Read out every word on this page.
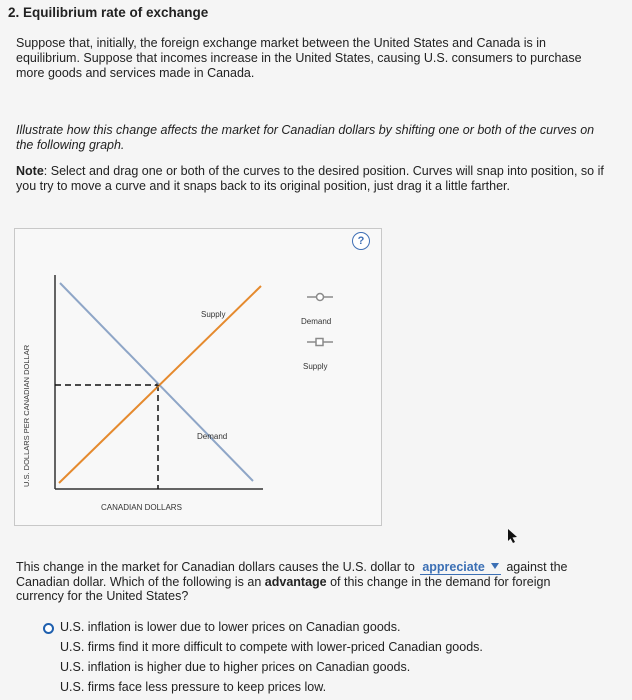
2. Equilibrium rate of exchange
Suppose that, initially, the foreign exchange market between the United States and Canada is in equilibrium. Suppose that incomes increase in the United States, causing U.S. consumers to purchase more goods and services made in Canada.
Illustrate how this change affects the market for Canadian dollars by shifting one or both of the curves on the following graph.
Note: Select and drag one or both of the curves to the desired position. Curves will snap into position, so if you try to move a curve and it snaps back to its original position, just drag it a little farther.
+
Supply
Demand
U.S. DOLLARS PER CANADIAN DOLLAR
CANADIAN DOLLARS
Demand
Supply
?
This change in the market for Canadian dollars causes the U.S. dollar to appreciate against the Canadian dollar. Which of the following is an advantage of this change in the demand for foreign currency for the United States?
U.S. inflation is lower due to lower prices on Canadian goods.
U.S. firms find it more difficult to compete with lower-priced Canadian goods.
U.S. inflation is higher due to higher prices on Canadian goods.
U.S. firms face less pressure to keep prices low.
